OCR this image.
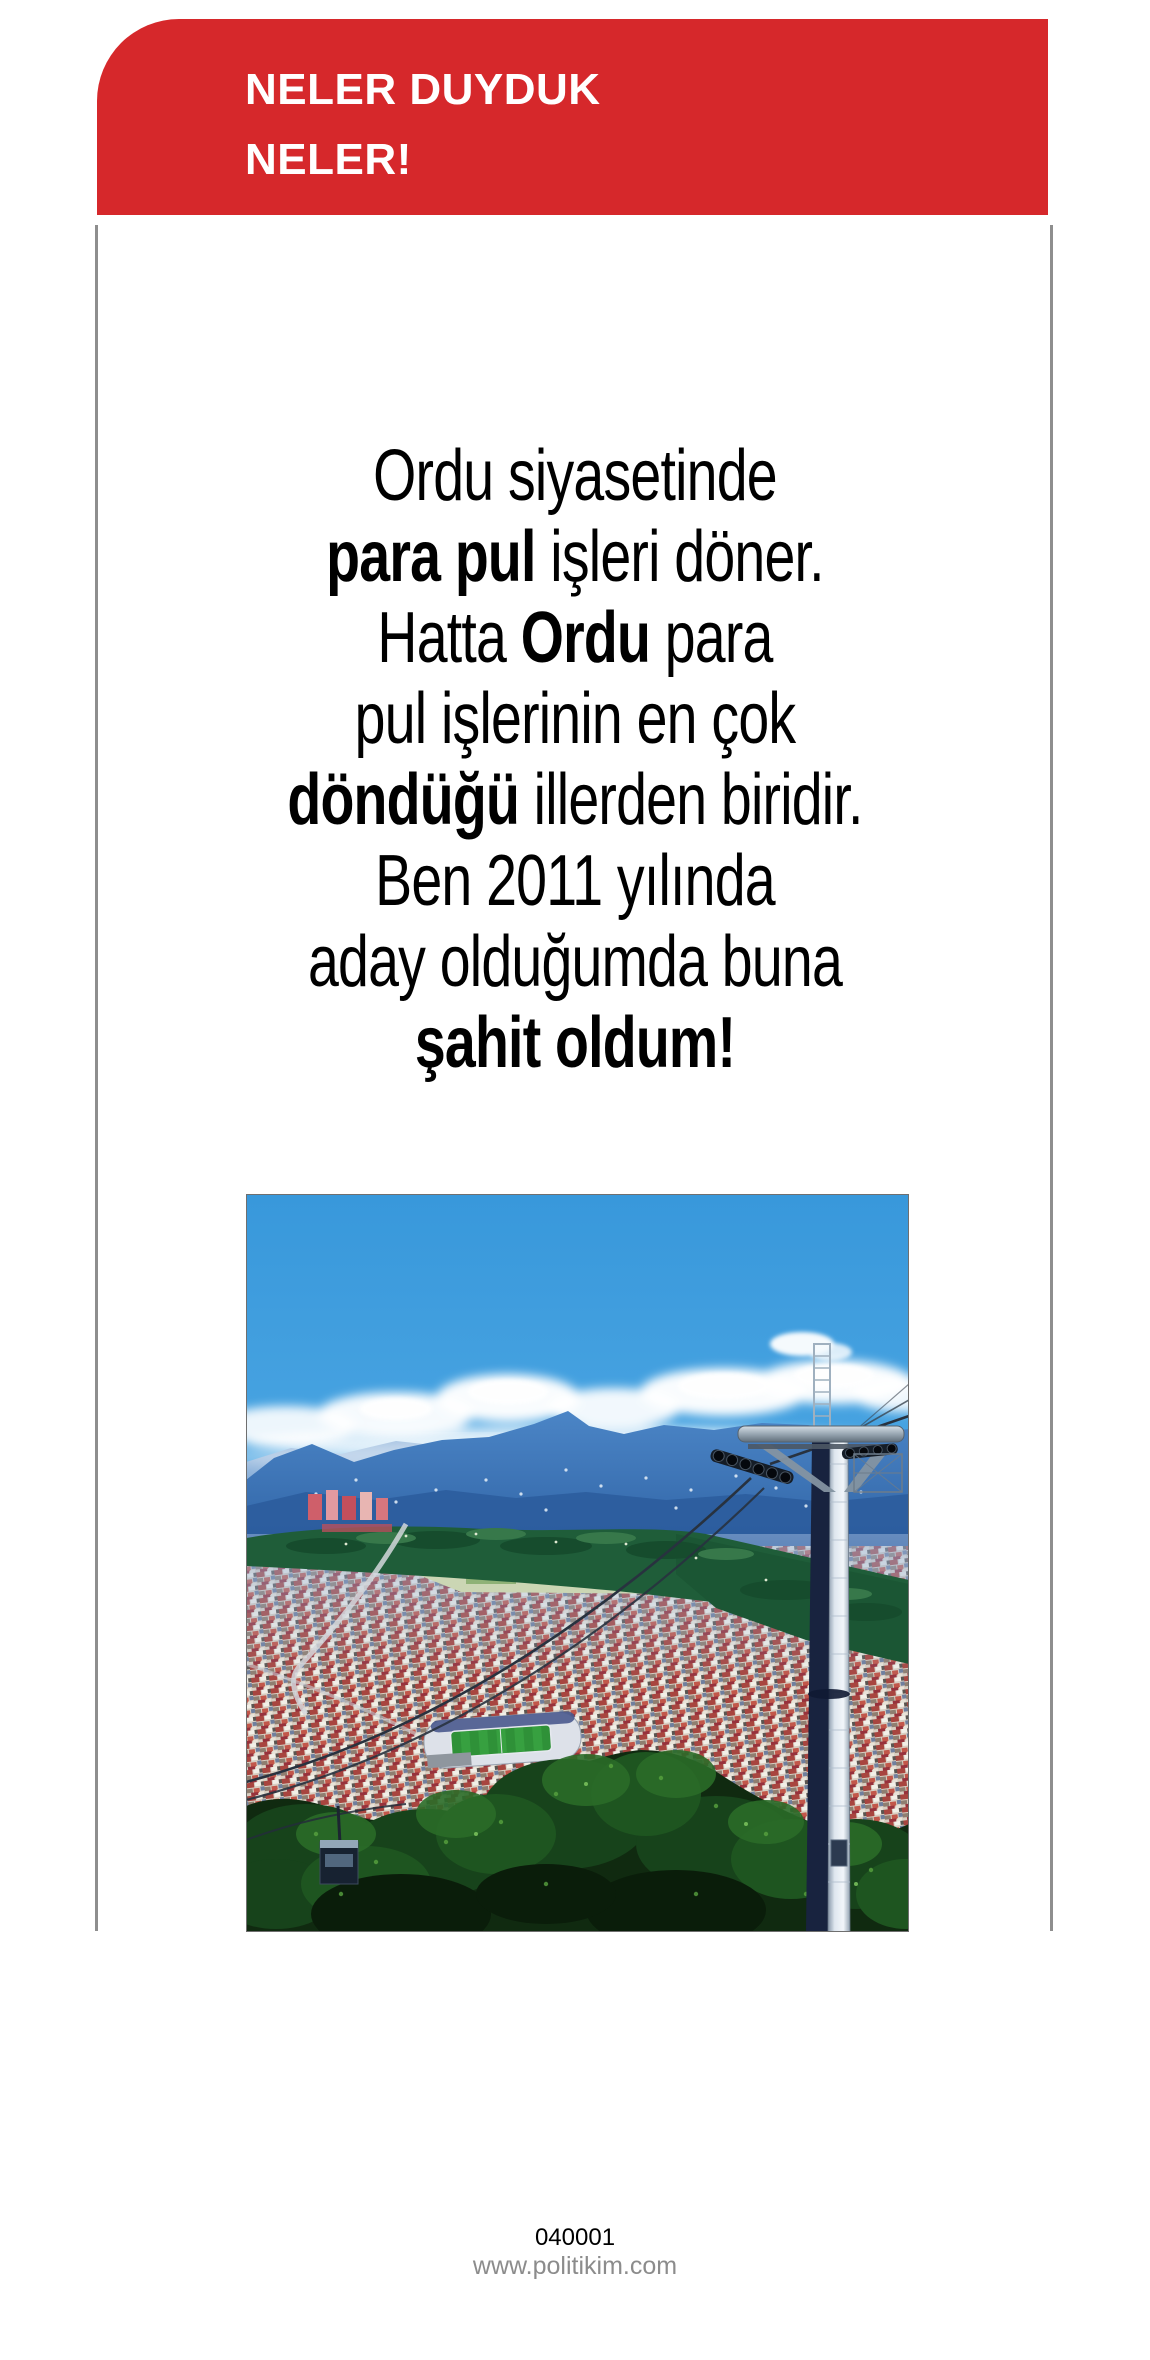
NELER DUYDUK
NELER!
Ordu siyasetinde
para pul işleri döner.
Hatta Ordu para
pul işlerinin en çok
döndüğü illerden biridir.
Ben 2011 yılında
aday olduğumda buna
şahit oldum!
040001
www.politikim.com
